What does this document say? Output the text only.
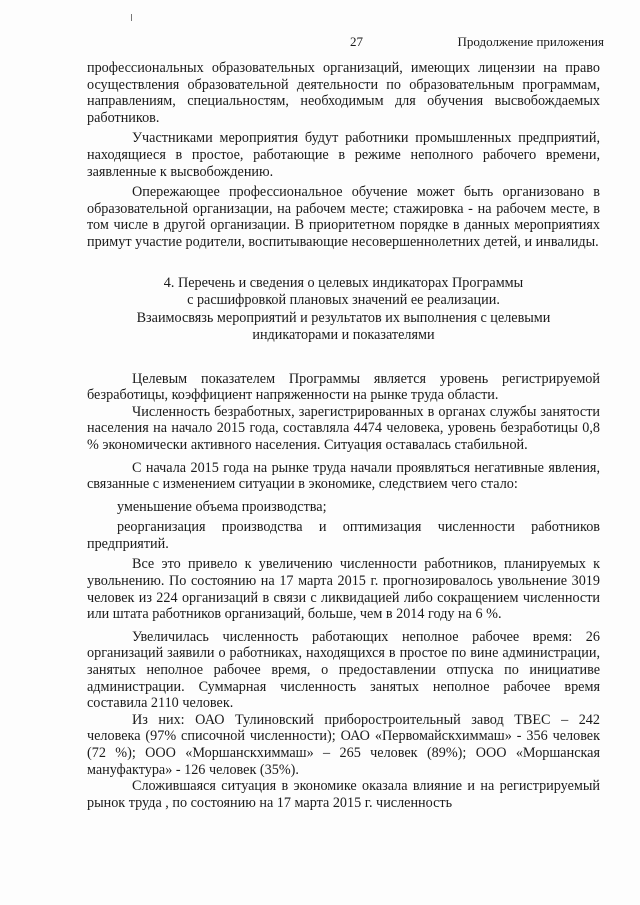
27	Продолжение приложения

профессиональных образовательных организаций, имеющих лицензии на право осуществления образовательной деятельности по образовательным программам, направлениям, специальностям, необходимым для обучения высвобождаемых работников.

Участниками мероприятия будут работники промышленных предприятий, находящиеся в простое, работающие в режиме неполного рабочего времени, заявленные к высвобождению.

Опережающее профессиональное обучение может быть организовано в образовательной организации, на рабочем месте; стажировка - на рабочем месте, в том числе в другой организации. В приоритетном порядке в данных мероприятиях примут участие родители, воспитывающие несовершеннолетних детей, и инвалиды.

4. Перечень и сведения о целевых индикаторах Программы
с расшифровкой плановых значений ее реализации.
Взаимосвязь мероприятий и результатов их выполнения с целевыми
индикаторами и показателями

Целевым показателем Программы является уровень регистрируемой безработицы, коэффициент напряженности на рынке труда области.

Численность безработных, зарегистрированных в органах службы занятости населения на начало 2015 года, составляла 4474 человека, уровень безработицы 0,8 % экономически активного населения. Ситуация оставалась стабильной.

С начала 2015 года на рынке труда начали проявляться негативные явления, связанные с изменением ситуации в экономике, следствием чего стало:

уменьшение объема производства;

реорганизация производства и оптимизация численности работников предприятий.

Все это привело к увеличению численности работников, планируемых к увольнению. По состоянию на 17 марта 2015 г. прогнозировалось увольнение 3019 человек из 224 организаций в связи с ликвидацией либо сокращением численности или штата работников организаций, больше, чем в 2014 году на 6 %.

Увеличилась численность работающих неполное рабочее время: 26 организаций заявили о работниках, находящихся в простое по вине администрации, занятых неполное рабочее время, о предоставлении отпуска по инициативе администрации. Суммарная численность занятых неполное рабочее время составила 2110 человек.

Из них: ОАО Тулиновский приборостроительный завод ТВЕС – 242 человека (97% списочной численности); ОАО «Первомайскхиммаш» - 356 человек (72 %); ООО «Моршанскхиммаш» – 265 человек (89%); ООО «Моршанская мануфактура» - 126 человек (35%).

Сложившаяся ситуация в экономике оказала влияние и на регистрируемый рынок труда , по состоянию на 17 марта 2015 г. численность
